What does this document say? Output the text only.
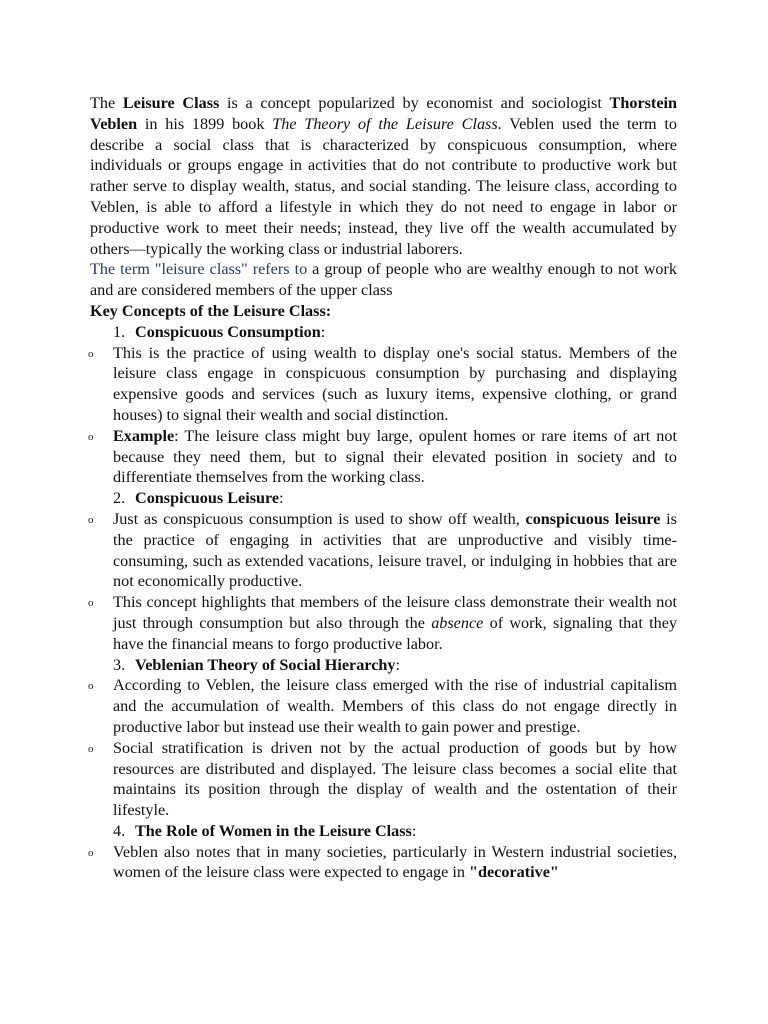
The Leisure Class is a concept popularized by economist and sociologist Thorstein Veblen in his 1899 book The Theory of the Leisure Class. Veblen used the term to describe a social class that is characterized by conspicuous consumption, where individuals or groups engage in activities that do not contribute to productive work but rather serve to display wealth, status, and social standing. The leisure class, according to Veblen, is able to afford a lifestyle in which they do not need to engage in labor or productive work to meet their needs; instead, they live off the wealth accumulated by others—typically the working class or industrial laborers.

The term "leisure class" refers to a group of people who are wealthy enough to not work and are considered members of the upper class

Key Concepts of the Leisure Class:

1. Conspicuous Consumption:

o This is the practice of using wealth to display one's social status. Members of the leisure class engage in conspicuous consumption by purchasing and displaying expensive goods and services (such as luxury items, expensive clothing, or grand houses) to signal their wealth and social distinction.

o Example: The leisure class might buy large, opulent homes or rare items of art not because they need them, but to signal their elevated position in society and to differentiate themselves from the working class.

2. Conspicuous Leisure:

o Just as conspicuous consumption is used to show off wealth, conspicuous leisure is the practice of engaging in activities that are unproductive and visibly time-consuming, such as extended vacations, leisure travel, or indulging in hobbies that are not economically productive.

o This concept highlights that members of the leisure class demonstrate their wealth not just through consumption but also through the absence of work, signaling that they have the financial means to forgo productive labor.

3. Veblenian Theory of Social Hierarchy:

o According to Veblen, the leisure class emerged with the rise of industrial capitalism and the accumulation of wealth. Members of this class do not engage directly in productive labor but instead use their wealth to gain power and prestige.

o Social stratification is driven not by the actual production of goods but by how resources are distributed and displayed. The leisure class becomes a social elite that maintains its position through the display of wealth and the ostentation of their lifestyle.

4. The Role of Women in the Leisure Class:

o Veblen also notes that in many societies, particularly in Western industrial societies, women of the leisure class were expected to engage in "decorative"
